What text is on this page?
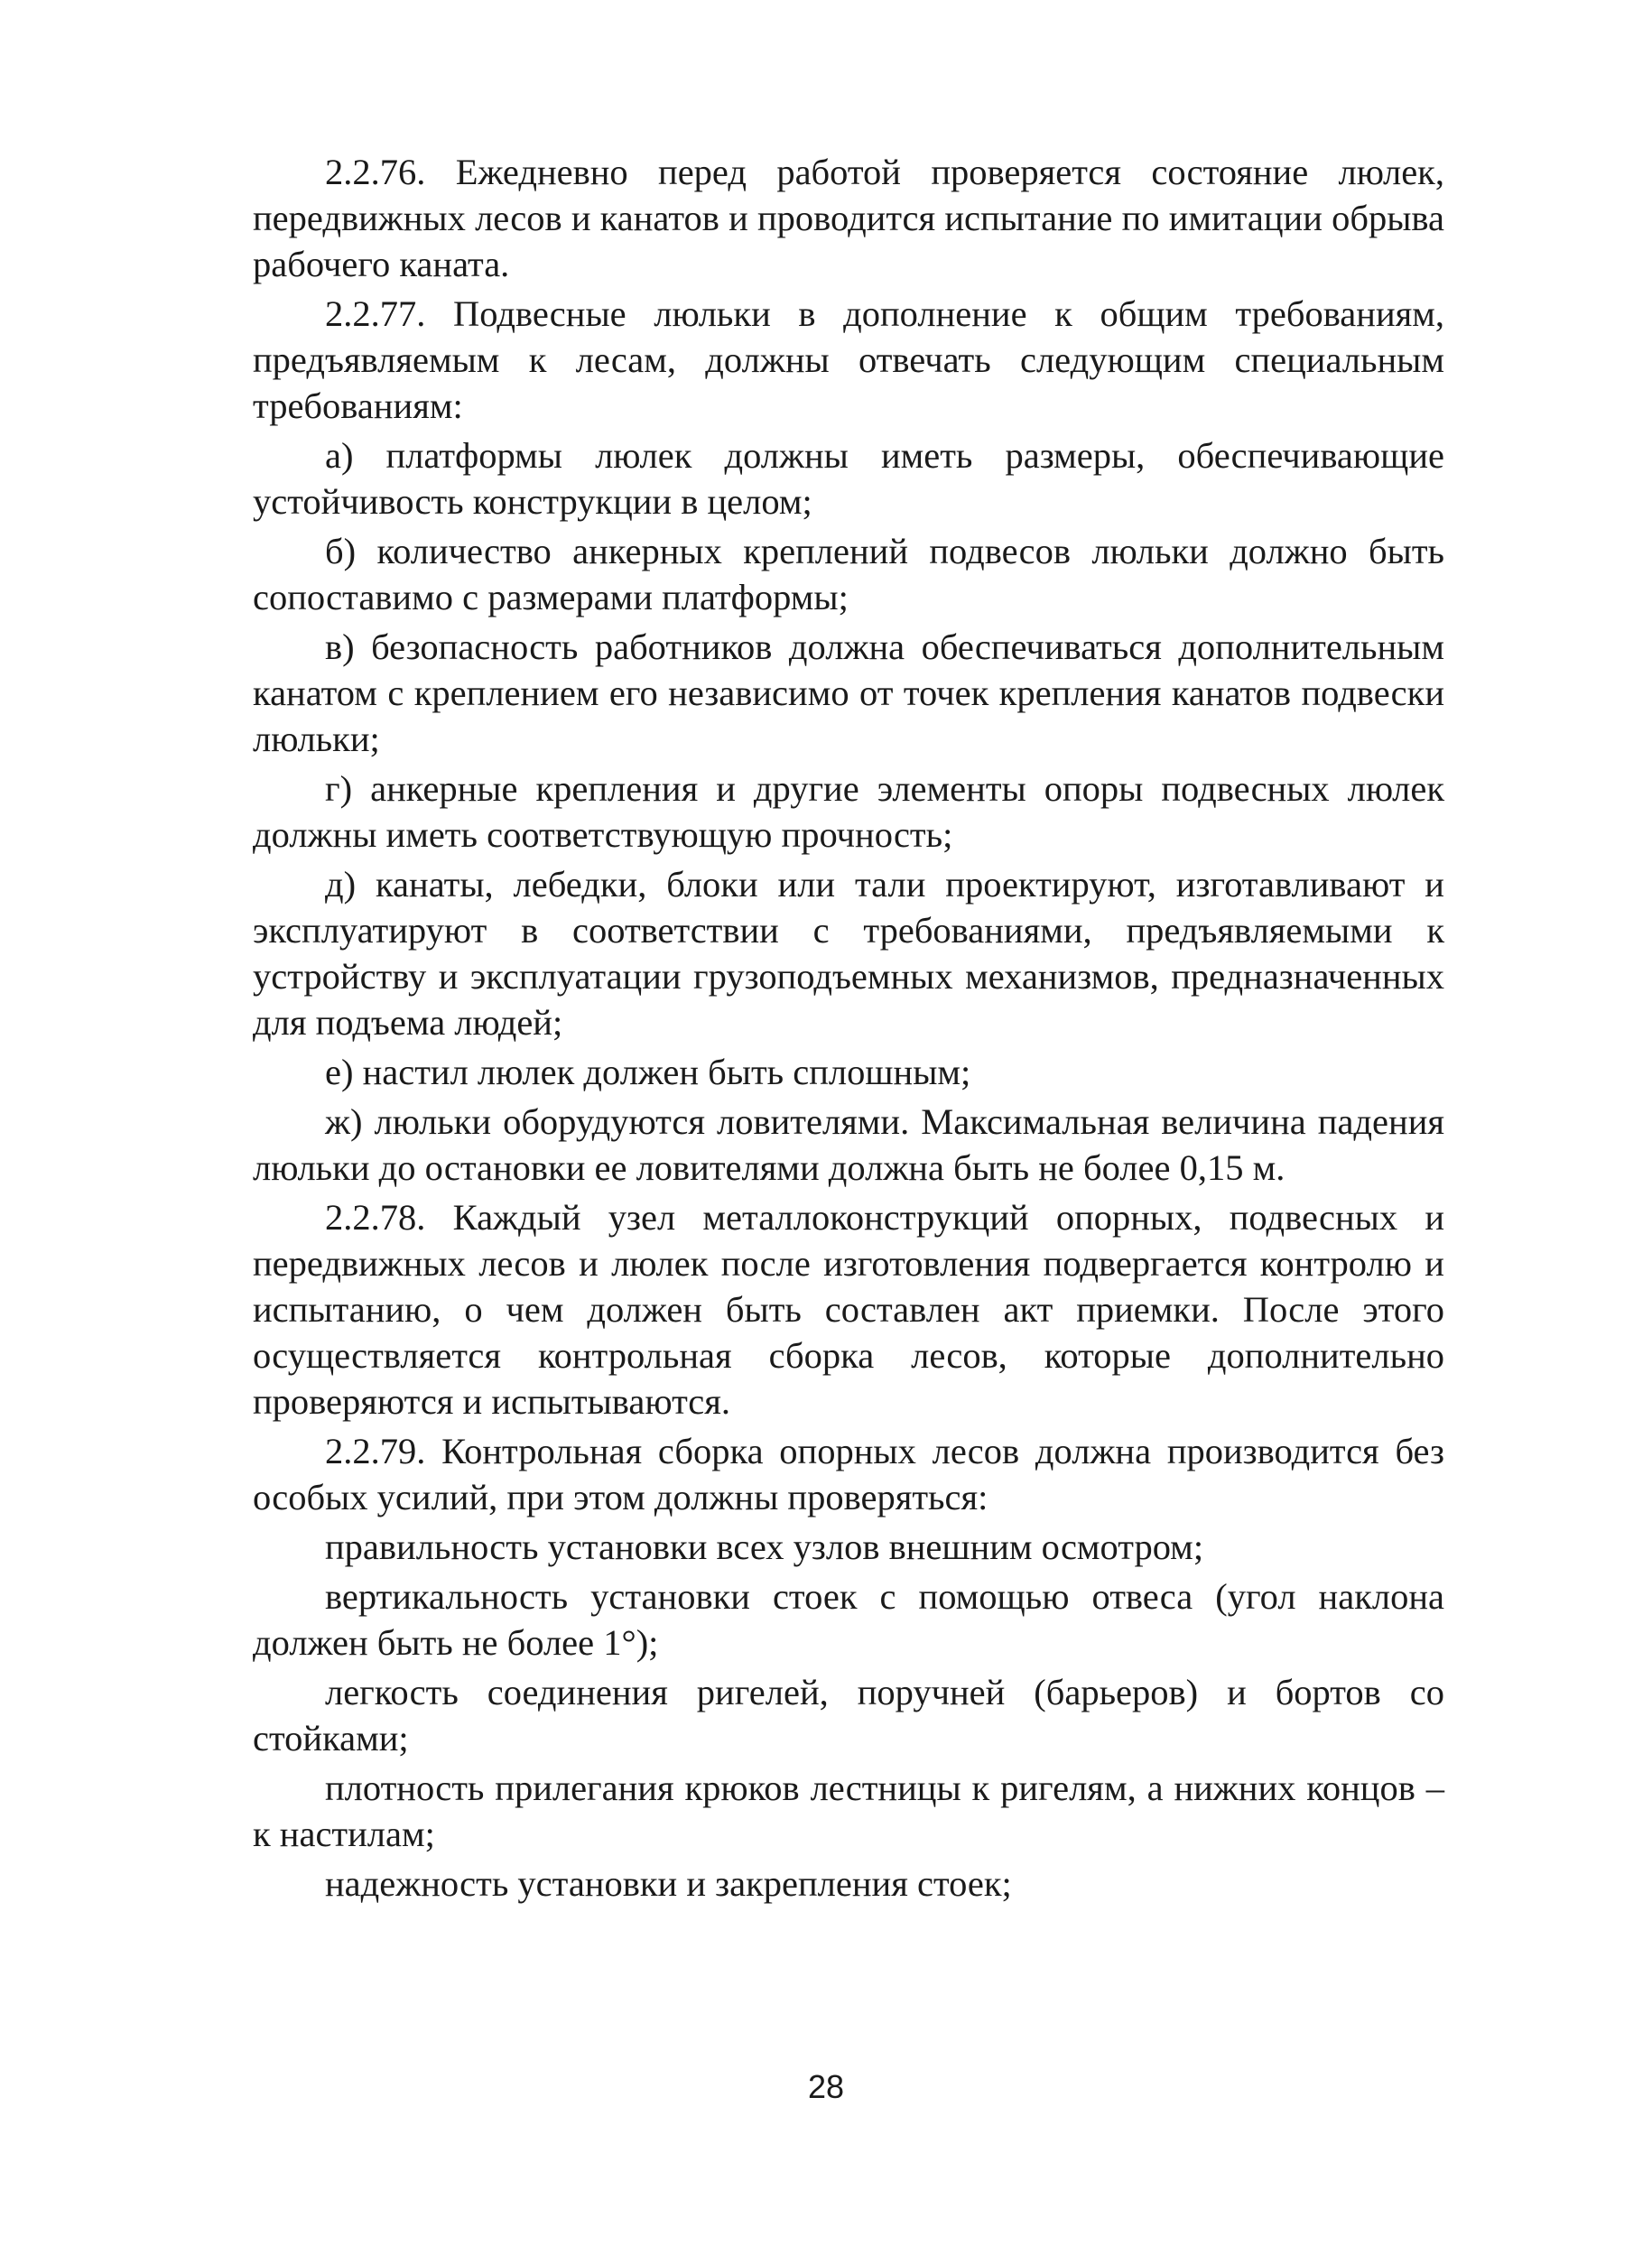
2.2.76. Ежедневно перед работой проверяется состояние люлек, передвижных лесов и канатов и проводится испытание по имитации обрыва рабочего каната.

2.2.77. Подвесные люльки в дополнение к общим требованиям, предъявляемым к лесам, должны отвечать следующим специальным требованиям:

а) платформы люлек должны иметь размеры, обеспечивающие устойчивость конструкции в целом;

б) количество анкерных креплений подвесов люльки должно быть сопоставимо с размерами платформы;

в) безопасность работников должна обеспечиваться дополнительным канатом с креплением его независимо от точек крепления канатов подвески люльки;

г) анкерные крепления и другие элементы опоры подвесных люлек должны иметь соответствующую прочность;

д) канаты, лебедки, блоки или тали проектируют, изготавливают и эксплуатируют в соответствии с требованиями, предъявляемыми к устройству и эксплуатации грузоподъемных механизмов, предназначенных для подъема людей;

е) настил люлек должен быть сплошным;

ж) люльки оборудуются ловителями. Максимальная величина падения люльки до остановки ее ловителями должна быть не более 0,15 м.

2.2.78. Каждый узел металлоконструкций опорных, подвесных и передвижных лесов и люлек после изготовления подвергается контролю и испытанию, о чем должен быть составлен акт приемки. После этого осуществляется контрольная сборка лесов, которые дополнительно проверяются и испытываются.

2.2.79. Контрольная сборка опорных лесов должна производится без особых усилий, при этом должны проверяться:

правильность установки всех узлов внешним осмотром;

вертикальность установки стоек с помощью отвеса (угол наклона должен быть не более 1°);

легкость соединения ригелей, поручней (барьеров) и бортов со стойками;

плотность прилегания крюков лестницы к ригелям, а нижних концов – к настилам;

надежность установки и закрепления стоек;

28
